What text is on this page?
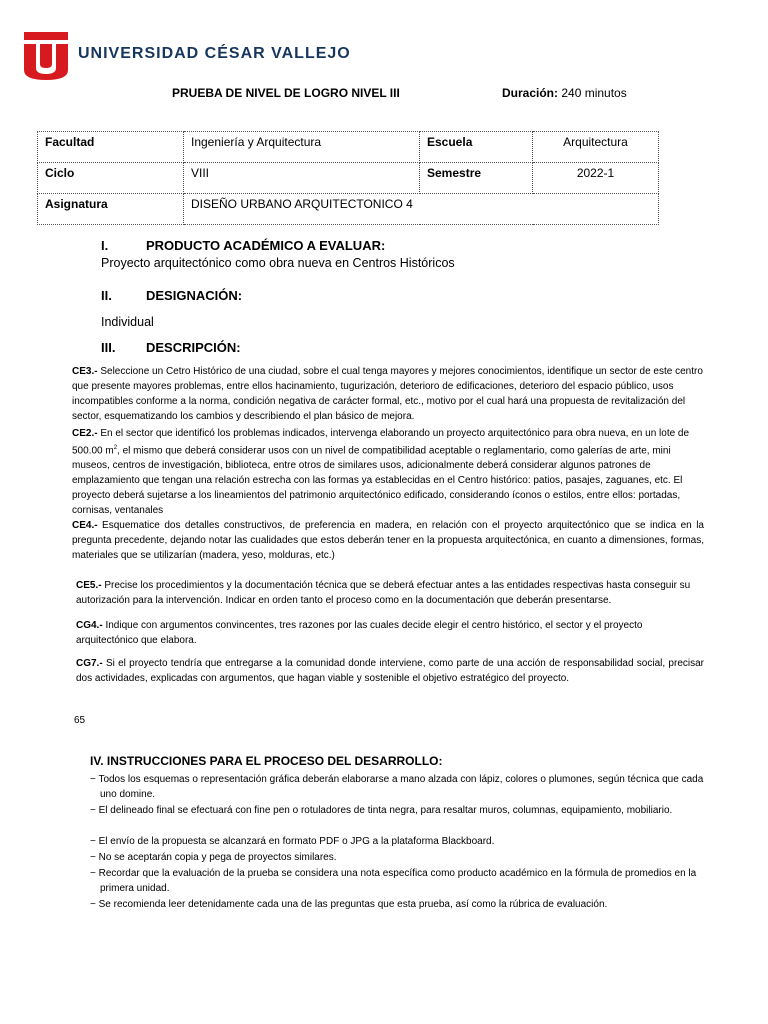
UNIVERSIDAD CÉSAR VALLEJO
PRUEBA DE NIVEL DE LOGRO NIVEL III	Duración: 240 minutos
Facultad	Ingeniería y Arquitectura	Escuela	Arquitectura
Ciclo	VIII	Semestre	2022-1
Asignatura	DISEÑO URBANO ARQUITECTONICO 4		
I.	PRODUCTO ACADÉMICO A EVALUAR:
Proyecto arquitectónico como obra nueva en Centros Históricos
II.	DESIGNACIÓN:
Individual
III. DESCRIPCIÓN:
CE3.- Seleccione un Cetro Histórico de una ciudad, sobre el cual tenga mayores y mejores conocimientos, identifique un sector de este centro que presente mayores problemas, entre ellos hacinamiento, tugurización, deterioro de edificaciones, deterioro del espacio público, usos incompatibles conforme a la norma, condición negativa de carácter formal, etc., motivo por el cual hará una propuesta de revitalización del sector, esquematizando los cambios y describiendo el plan básico de mejora.
CE2.- En el sector que identificó los problemas indicados, intervenga elaborando un proyecto arquitectónico para obra nueva, en un lote de 500.00 $m^2$, el mismo que deberá considerar usos con un nivel de compatibilidad aceptable o reglamentario, como galerías de arte, mini museos, centros de investigación, biblioteca, entre otros de similares usos, adicionalmente deberá considerar algunos patrones de emplazamiento que tengan una relación estrecha con las formas ya establecidas en el Centro histórico: patios, pasajes, zaguanes, etc. El proyecto deberá sujetarse a los lineamientos del patrimonio arquitectónico edificado, considerando íconos o estilos, entre ellos: portadas, cornisas, ventanales
CE4.- Esquematice dos detalles constructivos, de preferencia en madera, en relación con el proyecto arquitectónico que se indica en la pregunta precedente, dejando notar las cualidades que estos deberán tener en la propuesta arquitectónica, en cuanto a dimensiones, formas, materiales que se utilizarían (madera, yeso, molduras, etc.)
CE5.- Precise los procedimientos y la documentación técnica que se deberá efectuar antes a las entidades respectivas hasta conseguir su autorización para la intervención. Indicar en orden tanto el proceso como en la documentación que deberán presentarse.
CG4.- Indique con argumentos convincentes, tres razones por las cuales decide elegir el centro histórico, el sector y el proyecto arquitectónico que elabora.
CG7.- Si el proyecto tendría que entregarse a la comunidad donde interviene, como parte de una acción de responsabilidad social, precisar dos actividades, explicadas con argumentos, que hagan viable y sostenible el objetivo estratégico del proyecto.
65
IV. INSTRUCCIONES PARA EL PROCESO DEL DESARROLLO:
− Todos los esquemas o representación gráfica deberán elaborarse a mano alzada con lápiz, colores o plumones, según técnica que cada uno domine.
− El delineado final se efectuará con fine pen o rotuladores de tinta negra, para resaltar muros, columnas, equipamiento, mobiliario.
− El envío de la propuesta se alcanzará en formato PDF o JPG a la plataforma Blackboard.
− No se aceptarán copia y pega de proyectos similares.
− Recordar que la evaluación de la prueba se considera una nota específica como producto académico en la fórmula de promedios en la primera unidad.
− Se recomienda leer detenidamente cada una de las preguntas que esta prueba, así como la rúbrica de evaluación.
